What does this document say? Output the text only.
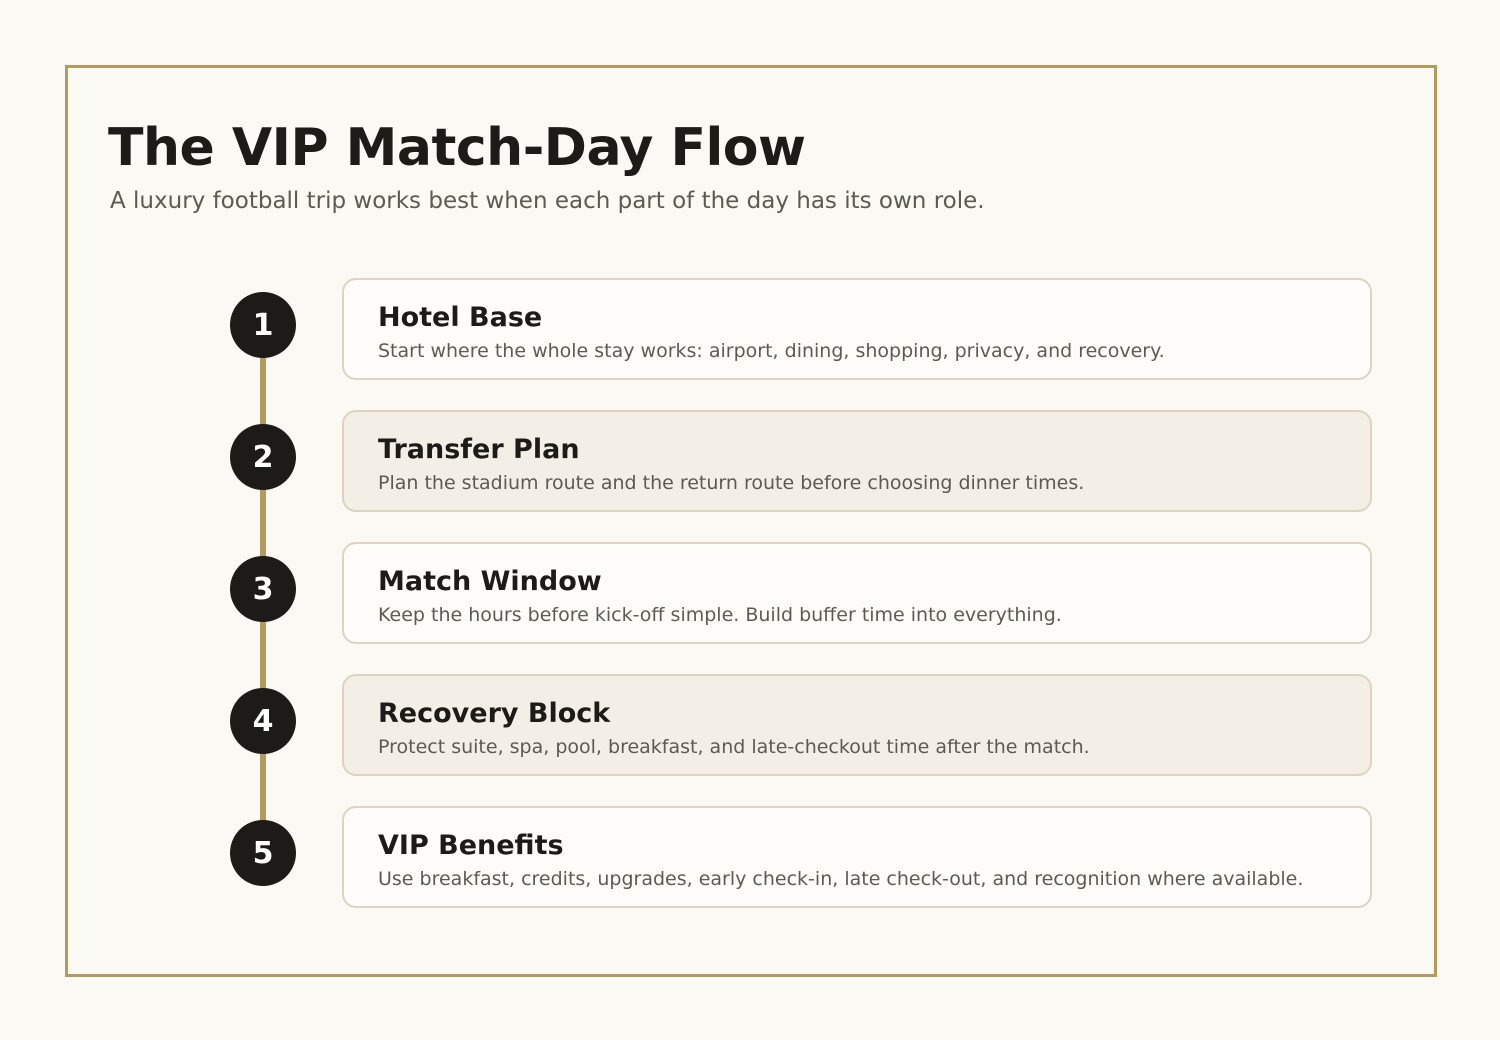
The VIP Match-Day Flow

A luxury football trip works best when each part of the day has its own role.

1	Hotel Base

Start where the whole stay works: airport, dining, shopping, privacy, and recovery.

2	Transfer Plan

Plan the stadium route and the return route before choosing dinner times.

3	Match Window

Keep the hours before kick-off simple. Build buffer time into everything.

4	Recovery Block

Protect suite, spa, pool, breakfast, and late-checkout time after the match.

5	VIP Benefits

Use breakfast, credits, upgrades, early check-in, late check-out, and recognition where available.
